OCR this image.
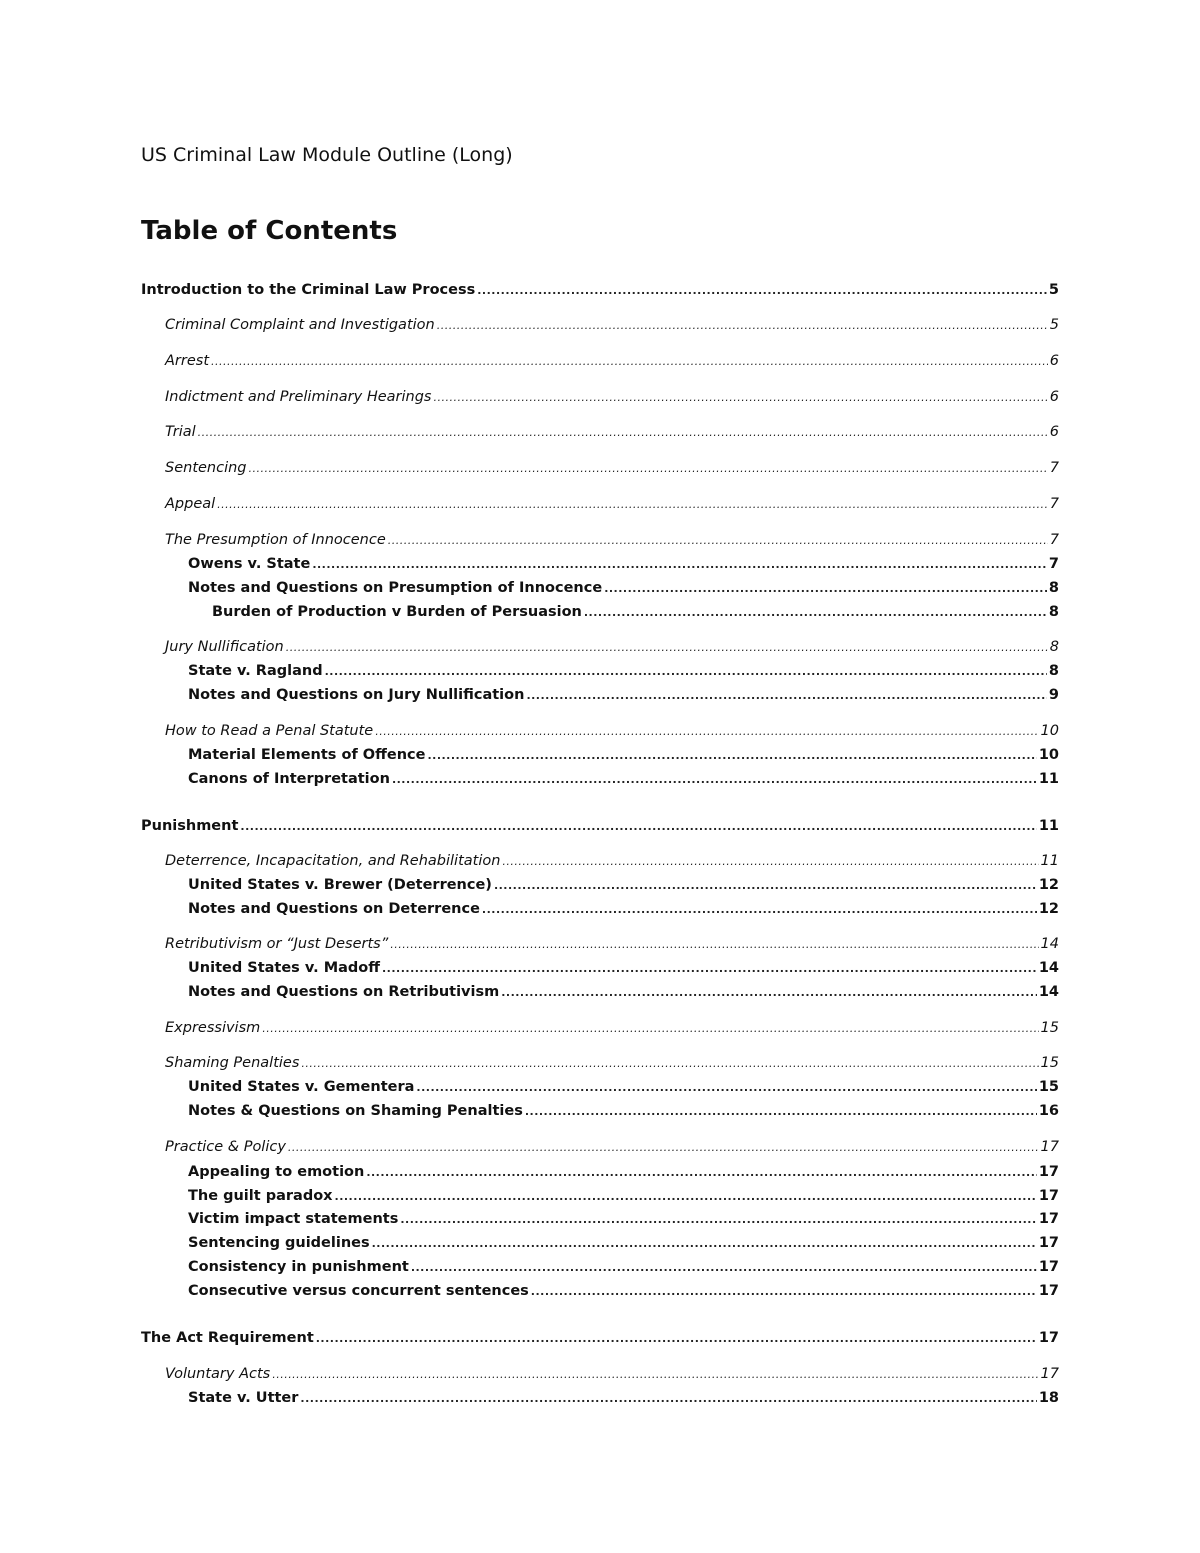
US Criminal Law Module Outline (Long)
Table of Contents
Introduction to the Criminal Law Process .....	5
Criminal Complaint and Investigation .....	5
Arrest .....	6
Indictment and Preliminary Hearings .....	6
Trial .....	6
Sentencing .....	7
Appeal .....	7
The Presumption of Innocence .....	7
Owens v. State .....	7
Notes and Questions on Presumption of Innocence .....	8
Burden of Production v Burden of Persuasion .....	8
Jury Nullification .....	8
State v. Ragland .....	8
Notes and Questions on Jury Nullification .....	9
How to Read a Penal Statute .....	10
Material Elements of Offence .....	10
Canons of Interpretation .....	11
Punishment .....	11
Deterrence, Incapacitation, and Rehabilitation .....	11
United States v. Brewer (Deterrence) .....	12
Notes and Questions on Deterrence .....	12
Retributivism or “Just Deserts” .....	14
United States v. Madoff .....	14
Notes and Questions on Retributivism .....	14
Expressivism .....	15
Shaming Penalties .....	15
United States v. Gementera .....	15
Notes & Questions on Shaming Penalties .....	16
Practice & Policy .....	17
Appealing to emotion .....	17
The guilt paradox .....	17
Victim impact statements .....	17
Sentencing guidelines .....	17
Consistency in punishment .....	17
Consecutive versus concurrent sentences .....	17
The Act Requirement .....	17
Voluntary Acts .....	17
State v. Utter .....	18
